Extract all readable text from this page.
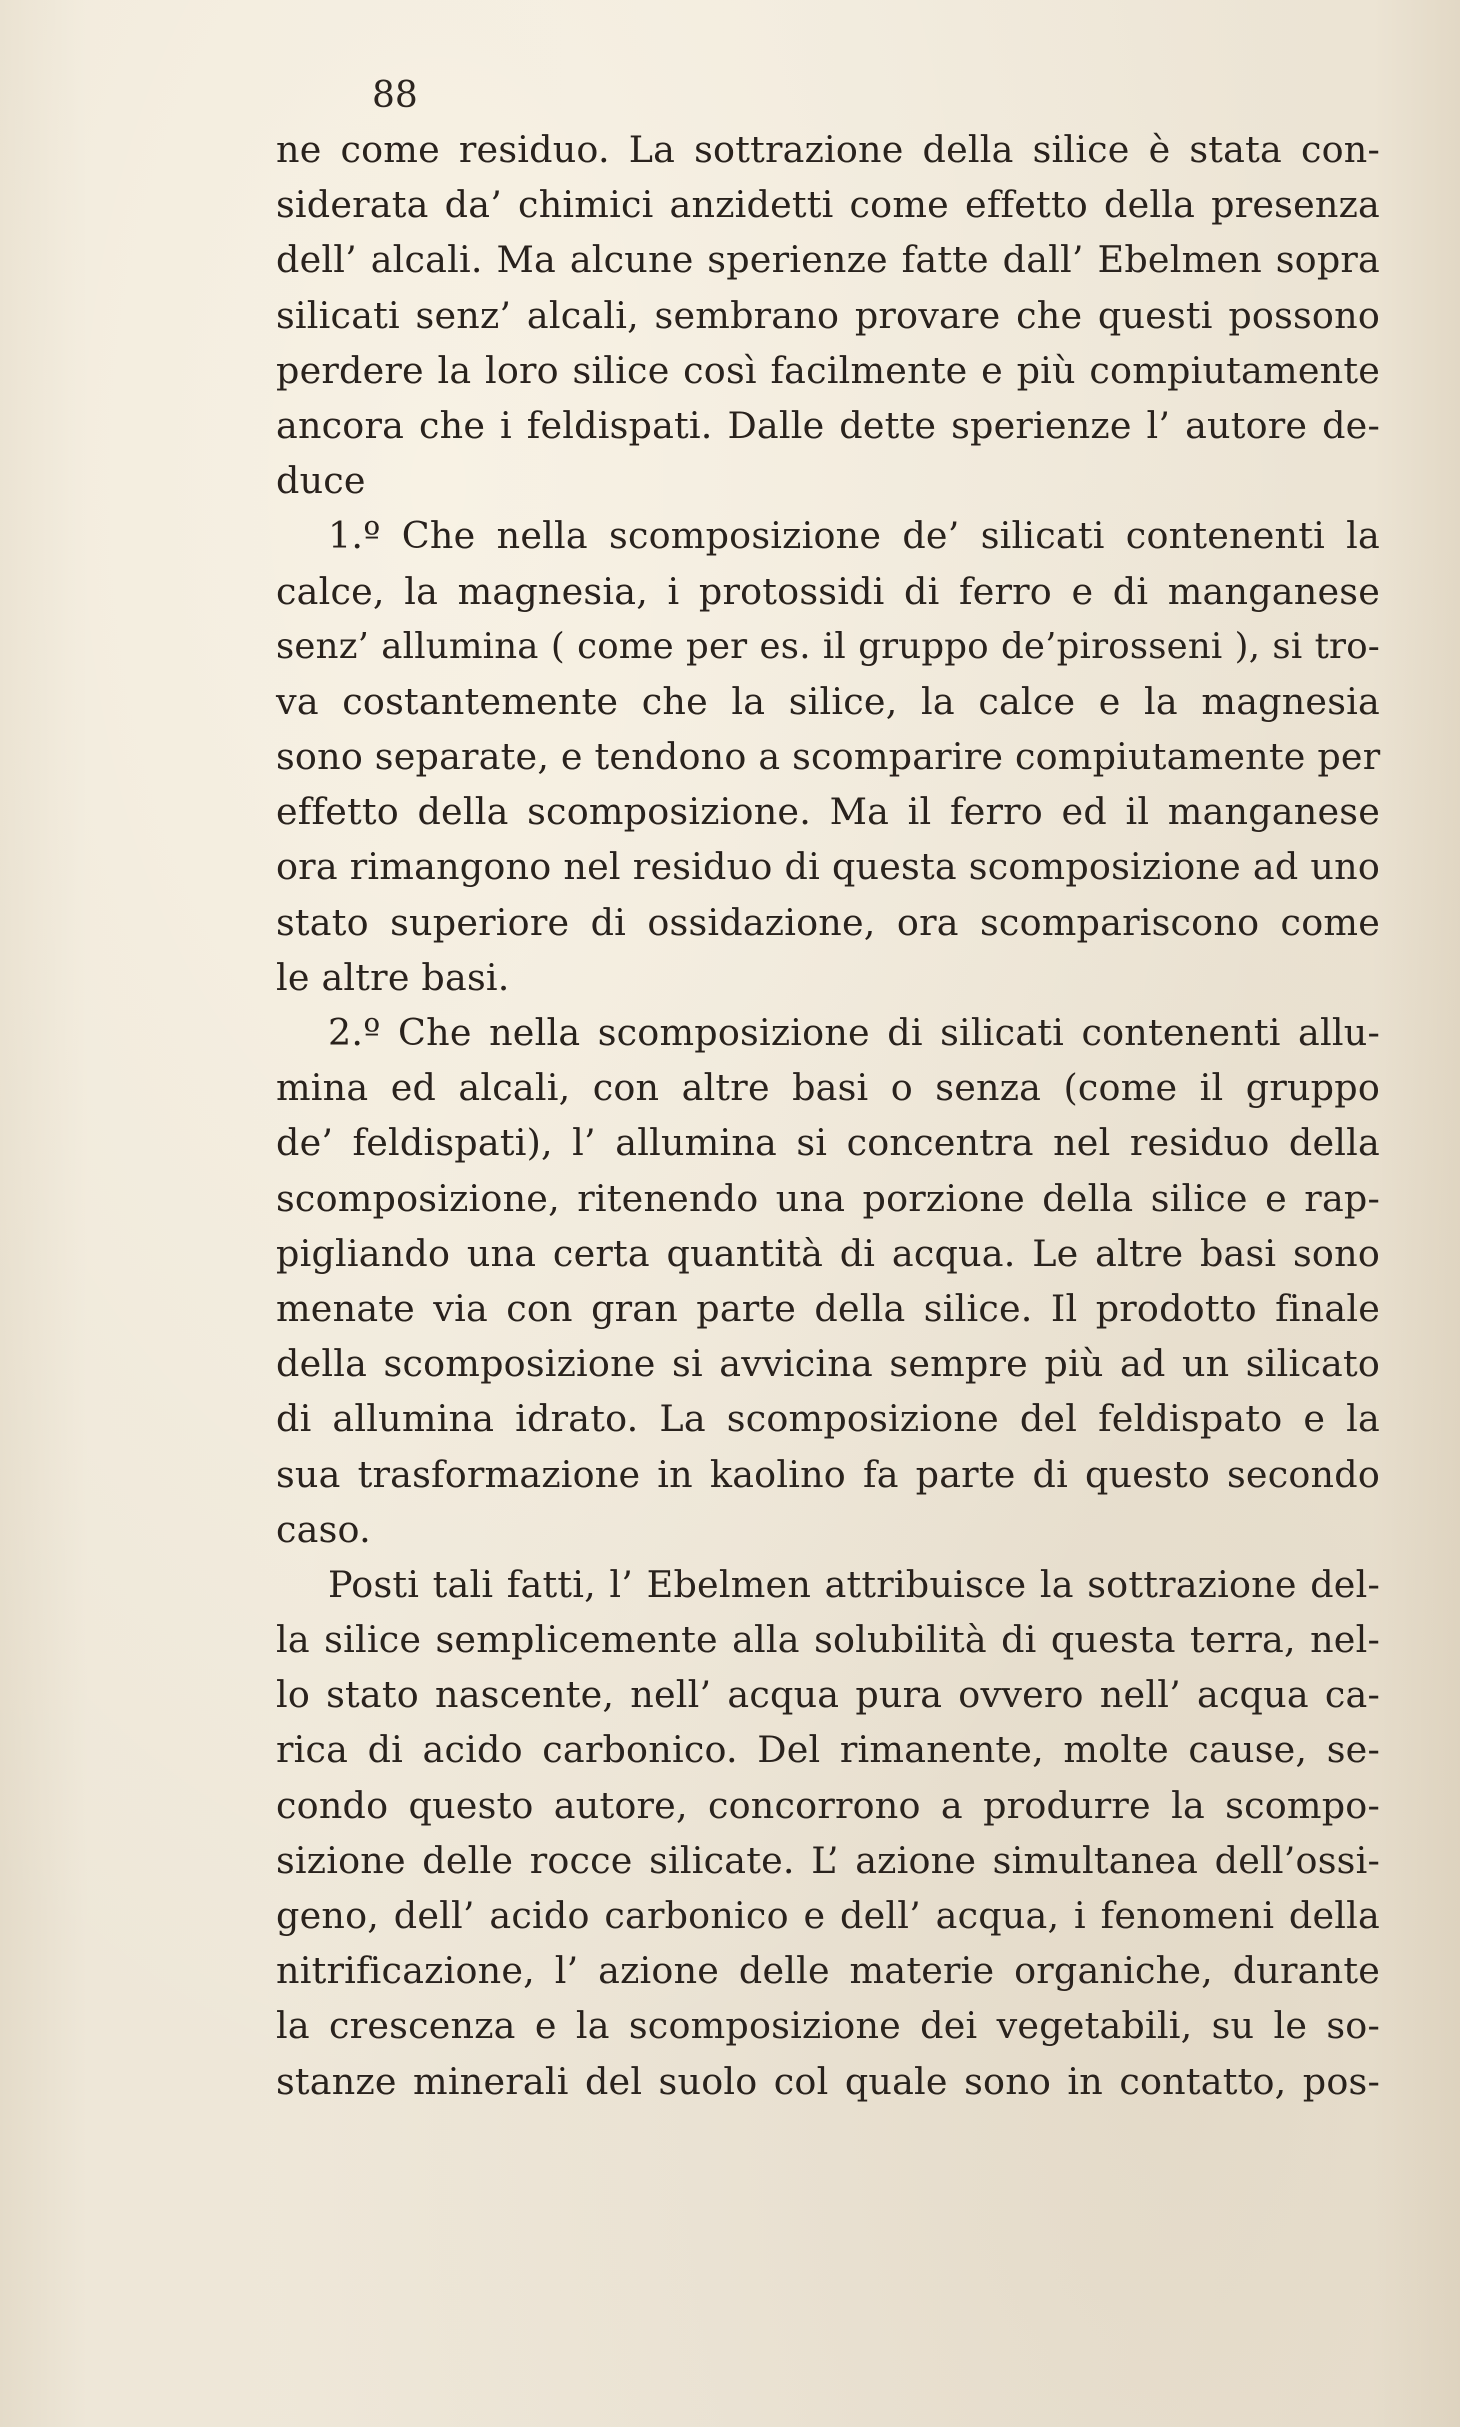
88
ne come residuo. La sottrazione della silice è stata con-
siderata da’ chimici anzidetti come effetto della presenza
dell’ alcali. Ma alcune sperienze fatte dall’ Ebelmen sopra
silicati senz’ alcali, sembrano provare che questi possono
perdere la loro silice così facilmente e più compiutamente
ancora che i feldispati. Dalle dette sperienze l’ autore de-
duce
1.º Che nella scomposizione de’ silicati contenenti la
calce, la magnesia, i protossidi di ferro e di manganese
senz’ allumina ( come per es. il gruppo de’pirosseni ), si tro-
va costantemente che la silice, la calce e la magnesia
sono separate, e tendono a scomparire compiutamente per
effetto della scomposizione. Ma il ferro ed il manganese
ora rimangono nel residuo di questa scomposizione ad uno
stato superiore di ossidazione, ora scompariscono come
le altre basi.
2.º Che nella scomposizione di silicati contenenti allu-
mina ed alcali, con altre basi o senza (come il gruppo
de’ feldispati), l’ allumina si concentra nel residuo della
scomposizione, ritenendo una porzione della silice e rap-
pigliando una certa quantità di acqua. Le altre basi sono
menate via con gran parte della silice. Il prodotto finale
della scomposizione si avvicina sempre più ad un silicato
di allumina idrato. La scomposizione del feldispato e la
sua trasformazione in kaolino fa parte di questo secondo
caso.
Posti tali fatti, l’ Ebelmen attribuisce la sottrazione del-
la silice semplicemente alla solubilità di questa terra, nel-
lo stato nascente, nell’ acqua pura ovvero nell’ acqua ca-
rica di acido carbonico. Del rimanente, molte cause, se-
condo questo autore, concorrono a produrre la scompo-
sizione delle rocce silicate. L’ azione simultanea dell’ossi-
geno, dell’ acido carbonico e dell’ acqua, i fenomeni della
nitrificazione, l’ azione delle materie organiche, durante
la crescenza e la scomposizione dei vegetabili, su le so-
stanze minerali del suolo col quale sono in contatto, pos-
